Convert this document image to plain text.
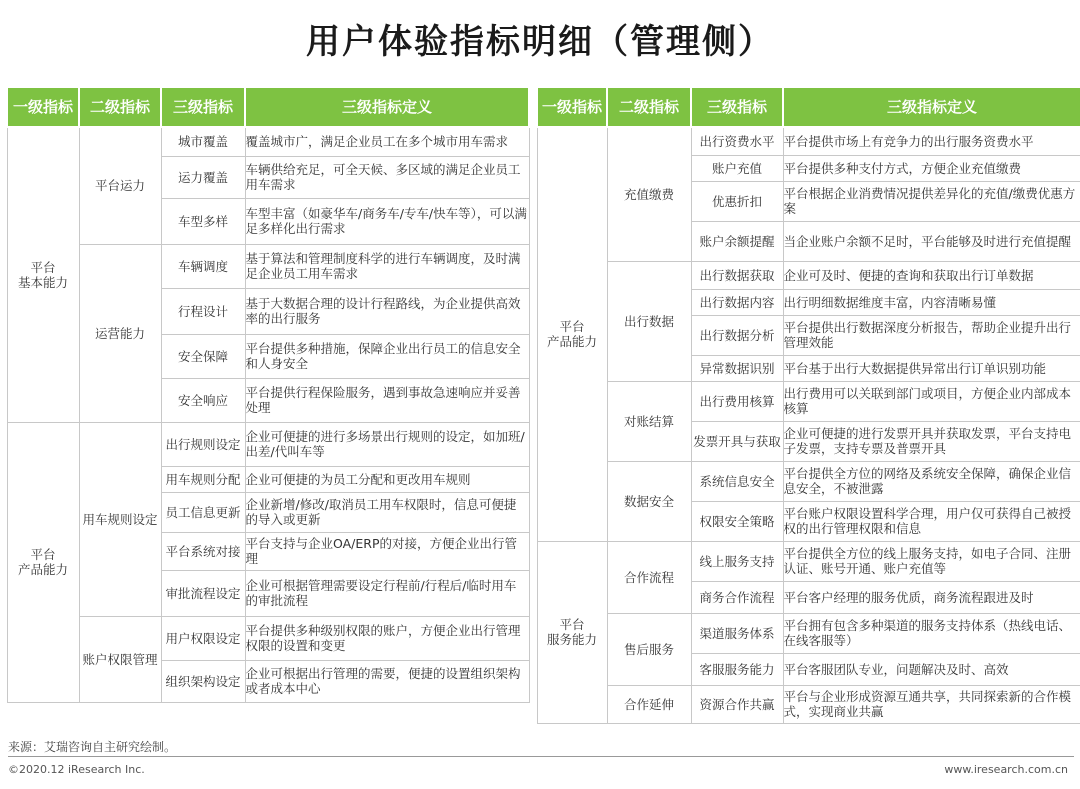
用户体验指标明细（管理侧）
一级指标	二级指标	三级指标	三级指标定义
平台
基本能力	平台运力	城市覆盖	覆盖城市广，满足企业员工在多个城市用车需求
		运力覆盖	车辆供给充足，可全天候、多区域的满足企业员工用车需求
		车型多样	车型丰富（如豪华车/商务车/专车/快车等），可以满足多样化出行需求
	运营能力	车辆调度	基于算法和管理制度科学的进行车辆调度，及时满足企业员工用车需求
		行程设计	基于大数据合理的设计行程路线，为企业提供高效率的出行服务
		安全保障	平台提供多种措施，保障企业出行员工的信息安全和人身安全
		安全响应	平台提供行程保险服务，遇到事故急速响应并妥善处理
平台
产品能力	用车规则设定	出行规则设定	企业可便捷的进行多场景出行规则的设定，如加班/出差/代叫车等
		用车规则分配	企业可便捷的为员工分配和更改用车规则
		员工信息更新	企业新增/修改/取消员工用车权限时，信息可便捷的导入或更新
		平台系统对接	平台支持与企业OA/ERP的对接，方便企业出行管理
		审批流程设定	企业可根据管理需要设定行程前/行程后/临时用车的审批流程
	账户权限管理	用户权限设定	平台提供多种级别权限的账户，方便企业出行管理权限的设置和变更
		组织架构设定	企业可根据出行管理的需要，便捷的设置组织架构或者成本中心
一级指标	二级指标	三级指标	三级指标定义
平台
产品能力	充值缴费	出行资费水平	平台提供市场上有竞争力的出行服务资费水平
		账户充值	平台提供多种支付方式，方便企业充值缴费
		优惠折扣	平台根据企业消费情况提供差异化的充值/缴费优惠方案
		账户余额提醒	当企业账户余额不足时，平台能够及时进行充值提醒
	出行数据	出行数据获取	企业可及时、便捷的查询和获取出行订单数据
		出行数据内容	出行明细数据维度丰富，内容清晰易懂
		出行数据分析	平台提供出行数据深度分析报告，帮助企业提升出行管理效能
		异常数据识别	平台基于出行大数据提供异常出行订单识别功能
	对账结算	出行费用核算	出行费用可以关联到部门或项目，方便企业内部成本核算
		发票开具与获取	企业可便捷的进行发票开具并获取发票，平台支持电子发票，支持专票及普票开具
	数据安全	系统信息安全	平台提供全方位的网络及系统安全保障，确保企业信息安全，不被泄露
		权限安全策略	平台账户权限设置科学合理，用户仅可获得自己被授权的出行管理权限和信息
平台
服务能力	合作流程	线上服务支持	平台提供全方位的线上服务支持，如电子合同、注册认证、账号开通、账户充值等
		商务合作流程	平台客户经理的服务优质，商务流程跟进及时
	售后服务	渠道服务体系	平台拥有包含多种渠道的服务支持体系（热线电话、在线客服等）
		客服服务能力	平台客服团队专业，问题解决及时、高效
	合作延伸	资源合作共赢	平台与企业形成资源互通共享，共同探索新的合作模式，实现商业共赢
来源：艾瑞咨询自主研究绘制。
©2020.12 iResearch Inc.	www.iresearch.com.cn
